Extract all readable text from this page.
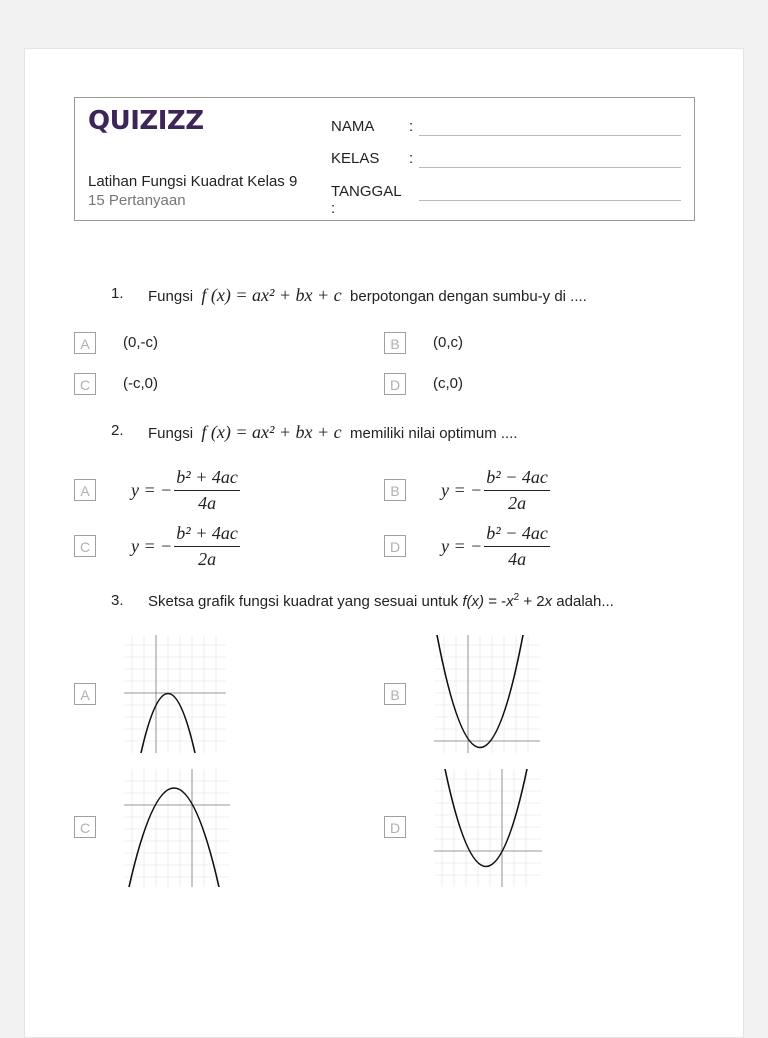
QUIZIZZ
Latihan Fungsi Kuadrat Kelas 9
15 Pertanyaan
NAMA :
KELAS :
TANGGAL :
1. Fungsi f (x) = ax² + bx + c berpotongan dengan sumbu-y di ....
A	(0,-c)	B	(0,c)
C	(-c,0)	D	(c,0)
2. Fungsi f (x) = ax² + bx + c memiliki nilai optimum ....
A	y = − $\frac{\text{b² + 4ac}}{4a}$	B	y = − $\frac{\text{b² − 4ac}}{2a}$
C	y = − $\frac{\text{b² + 4ac}}{2a}$	D	y = − $\frac{\text{b² − 4ac}}{4a}$
3. Sketsa grafik fungsi kuadrat yang sesuai untuk $f(x) = -x^2 + 2x$ adalah...
A	B
C	D
